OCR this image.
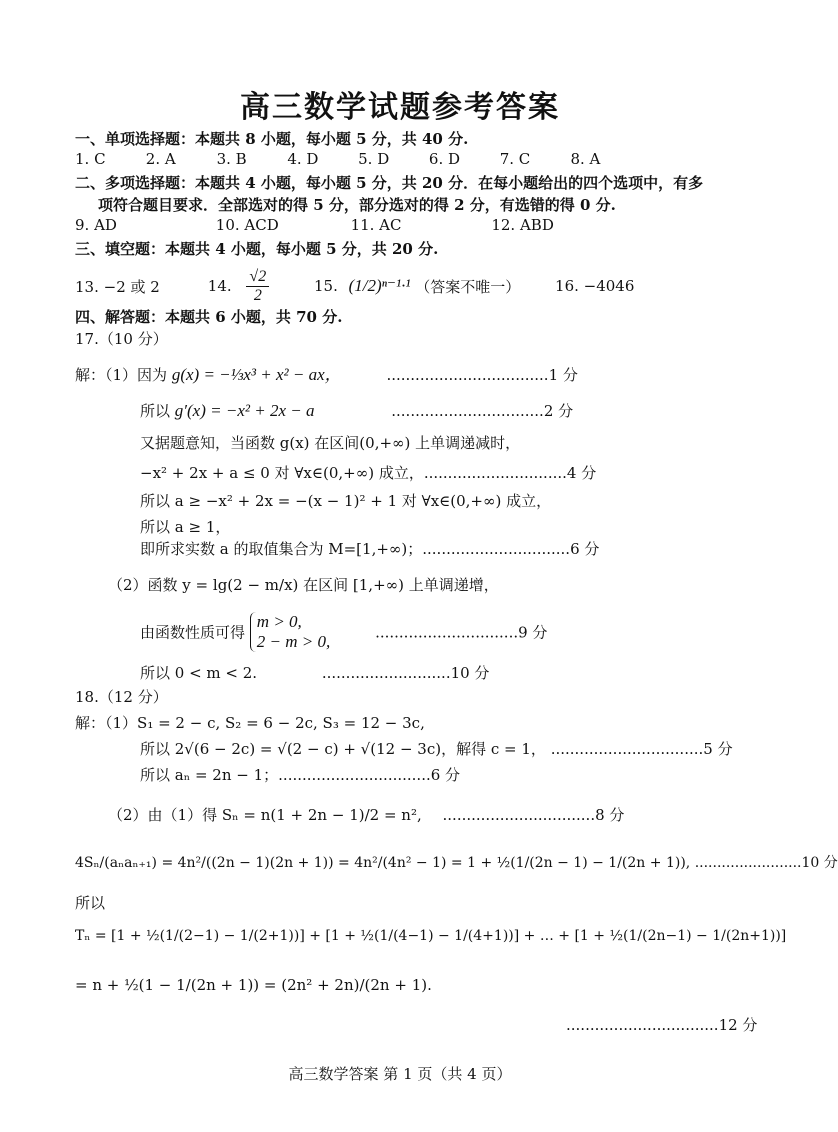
高三数学试题参考答案
一、单项选择题：本题共 8 小题，每小题 5 分，共 40 分.
1. C	2. A	3. B	4. D	5. D	6. D	7. C	8. A
二、多项选择题：本题共 4 小题，每小题 5 分，共 20 分．在每小题给出的四个选项中，有多
项符合题目要求．全部选对的得 5 分，部分选对的得 2 分，有选错的得 0 分.
9. AD	10. ACD	11. AC	12. ABD
三、填空题：本题共 4 小题，每小题 5 分，共 20 分.
13. −2 或 2	14. $\frac{√2}{2}$	15. (1/2)ⁿ⁻¹·¹ （答案不唯一） 16. −4046
四、解答题：本题共 6 小题，共 70 分.
17.（10 分）
解：（1）因为 g(x) = −⅓x³ + x² − ax，	..................................1 分
所以 g′(x) = −x² + 2x − a	................................2 分
又据题意知，当函数 g(x) 在区间(0,+∞) 上单调递减时，
−x² + 2x + a ≤ 0 对 ∀x∈(0,+∞) 成立，..............................4 分
所以 a ≥ −x² + 2x = −(x − 1)² + 1 对 ∀x∈(0,+∞) 成立，
所以 a ≥ 1，
即所求实数 a 的取值集合为 M=[1,+∞)；...............................6 分
（2）函数 y = lg(2 − m/x) 在区间 [1,+∞) 上单调递增，
由函数性质可得
m > 0,
2 − m > 0,	..............................9 分
所以 0 < m < 2.	...........................10 分
18.（12 分）
解：（1）S₁ = 2 − c, S₂ = 6 − 2c, S₃ = 12 − 3c,
所以 2√(6 − 2c) = √(2 − c) + √(12 − 3c)，解得 c = 1， ................................5 分
所以 aₙ = 2n − 1；................................6 分
（2）由（1）得 Sₙ = n(1 + 2n − 1)/2 = n², ................................8 分
4Sₙ/(aₙaₙ₊₁) = 4n²/((2n − 1)(2n + 1)) = 4n²/(4n² − 1) = 1 + ½(1/(2n − 1) − 1/(2n + 1)), ........................10 分
所以
Tₙ = [1 + ½(1/(2−1) − 1/(2+1))] + [1 + ½(1/(4−1) − 1/(4+1))] + … + [1 + ½(1/(2n−1) − 1/(2n+1))]
= n + ½(1 − 1/(2n + 1)) = (2n² + 2n)/(2n + 1).
................................12 分
高三数学答案 第 1 页（共 4 页）
